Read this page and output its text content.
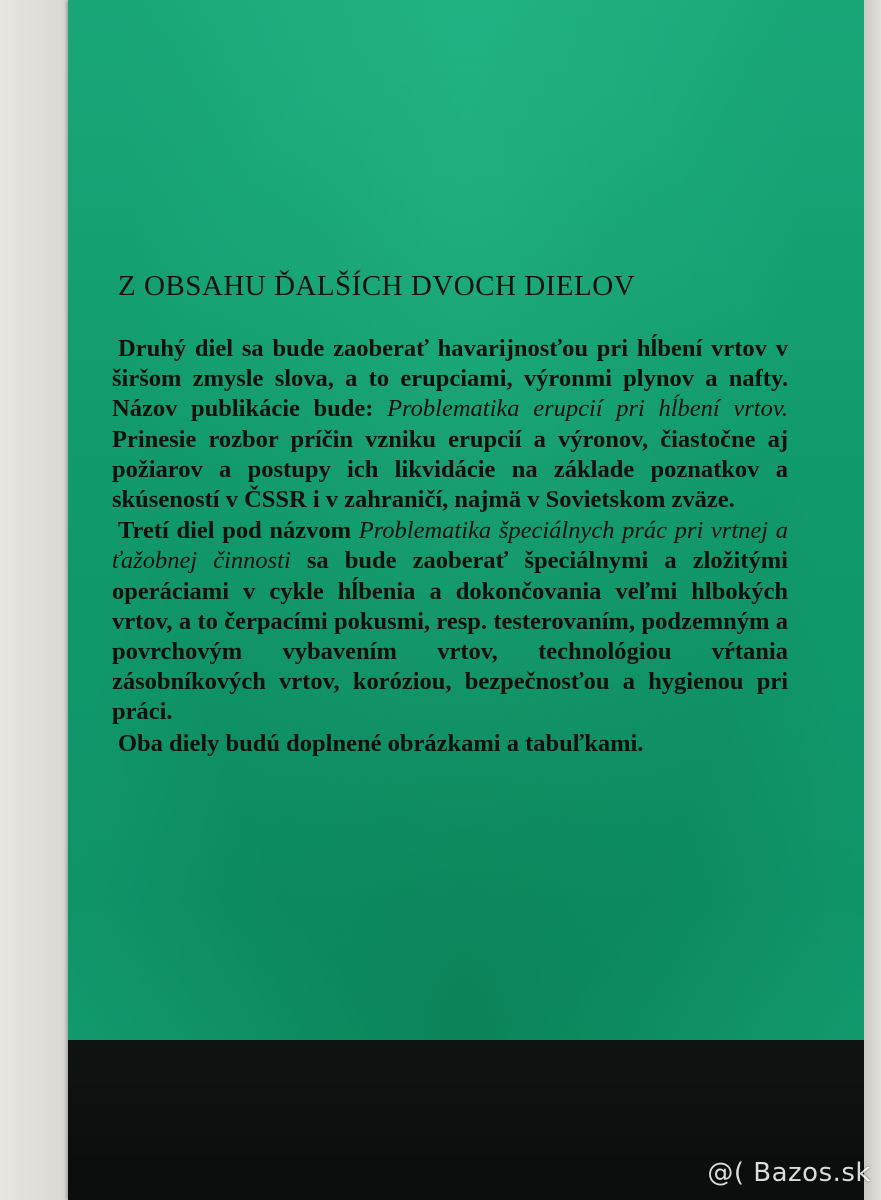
Z OBSAHU ĎALŠÍCH DVOCH DIELOV

Druhý diel sa bude zaoberať havarijnosťou pri hĺbení vrtov v širšom zmysle slova, a to erupciami, výronmi plynov a nafty. Názov publikácie bude: Problematika erupcií pri hĺbení vrtov. Prinesie rozbor príčin vzniku erupcií a výronov, čiastočne aj požiarov a postupy ich likvidácie na základe poznatkov a skúseností v ČSSR i v zahraničí, najmä v Sovietskom zväze.

Tretí diel pod názvom Problematika špeciálnych prác pri vrtnej a ťažobnej činnosti sa bude zaoberať špeciálnymi a zložitými operáciami v cykle hĺbenia a dokončovania veľmi hlbokých vrtov, a to čerpacími pokusmi, resp. testerovaním, podzemným a povrchovým vybavením vrtov, technológiou vŕtania zásobníkových vrtov, koróziou, bezpečnosťou a hygienou pri práci.

Oba diely budú doplnené obrázkami a tabuľkami.

@( Bazos.sk
